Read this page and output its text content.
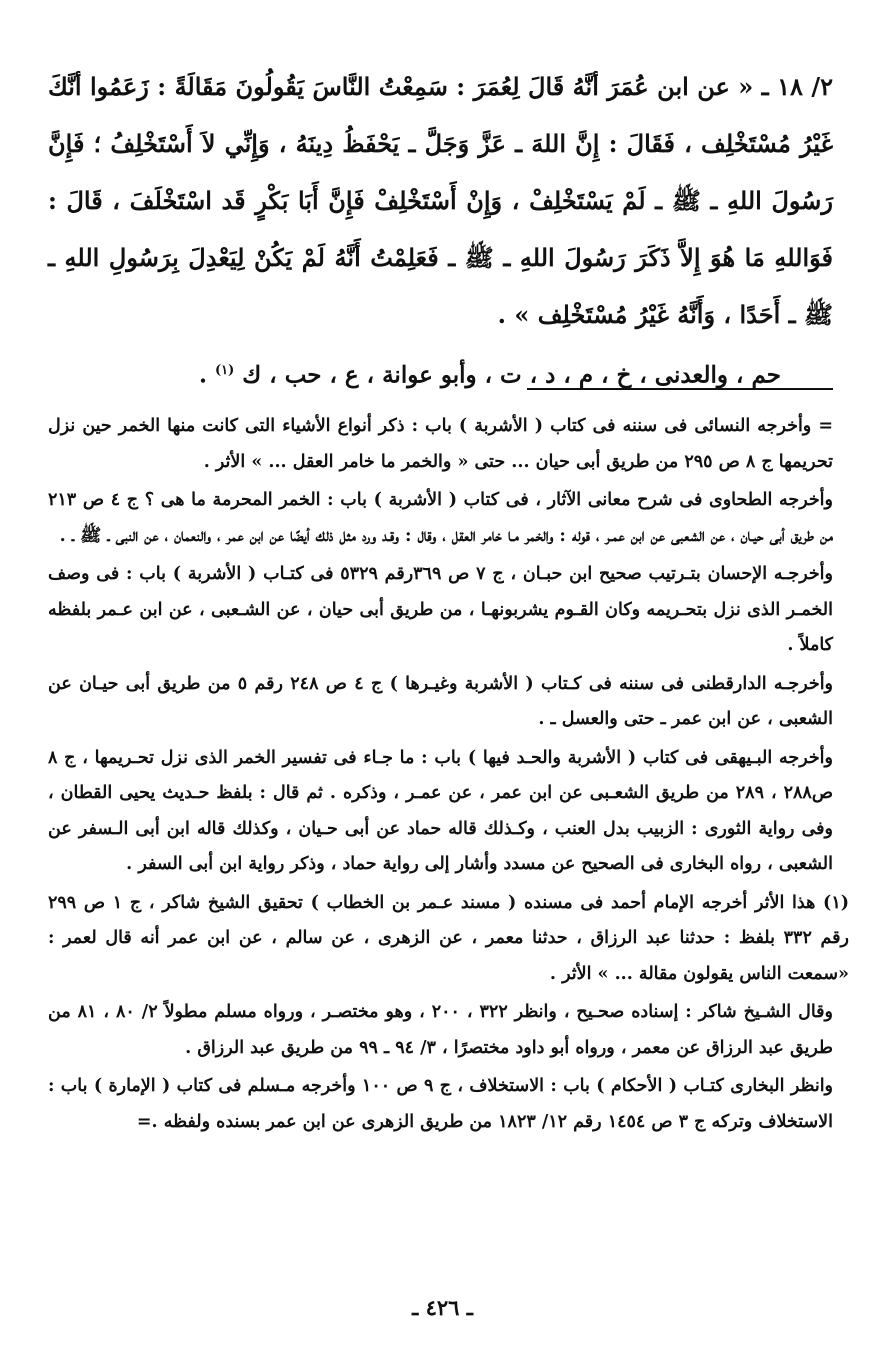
٢/ ١٨ ـ « عن ابن عُمَرَ أنَّهُ قَالَ لِعُمَرَ : سَمِعْتُ النَّاسَ يَقُولُونَ مَقَالَةً : زَعَمُوا أنَّكَ غَيْرُ مُسْتَخْلِف ، فَقَالَ : إِنَّ اللهَ ـ عَزَّ وَجَلَّ ـ يَحْفَظُ دِينَهُ ، وَإِنِّي لاَ أَسْتَخْلِفُ ؛ فَإِنَّ رَسُولَ اللهِ ـ ﷺ ـ لَمْ يَسْتَخْلِفْ ، وَإِنْ أَسْتَخْلِفْ فَإِنَّ أَبَا بَكْرٍ قَد اسْتَخْلَفَ ، قَالَ : فَوَاللهِ مَا هُوَ إِلاَّ ذَكَرَ رَسُولَ اللهِ ـ ﷺ ـ فَعَلِمْتُ أَنَّهُ لَمْ يَكُنْ لِيَعْدِلَ بِرَسُولِ اللهِ ـ ﷺ ـ أَحَدًا ، وَأَنَّهُ غَيْرُ مُسْتَخْلِف » .

حم ، والعدنى ، خ ، م ، د ، ت ، وأبو عوانة ، ع ، حب ، ك $^{(١)}$ .

= وأخرجه النسائى فى سننه فى كتاب ( الأشربة ) باب : ذكر أنواع الأشياء التى كانت منها الخمر حين نزل تحريمها ج ٨ ص ٢٩٥ من طريق أبى حيان ... حتى « والخمر ما خامر العقل ... » الأثر .

وأخرجه الطحاوى فى شرح معانى الآثار ، فى كتاب ( الأشربة ) باب : الخمر المحرمة ما هى ؟ ج ٤ ص ٢١٣ من طريق أبى حيـان ، عن الشعبى عن ابن عمـر ، قوله : والخمر مـا خامر العقل ، وقال : وقـد ورد مثل ذلك أيضًا عن ابن عمر ، والنعمان ، عن النبى ـ ﷺ ـ .

وأخرجـه الإحسان بتـرتيب صحيح ابن حبـان ، ج ٧ ص ٣٦٩رقم ٥٣٢٩ فى كتـاب ( الأشربة ) باب : فى وصف الخمـر الذى نزل بتحـريمه وكان القـوم يشربونهـا ، من طريق أبى حيان ، عن الشـعبى ، عن ابن عـمر بلفظه كاملاً .

وأخرجـه الدارقطنى فى سننه فى كـتاب ( الأشربة وغيـرها ) ج ٤ ص ٢٤٨ رقم ٥ من طريق أبى حيـان عن الشعبى ، عن ابن عمر ـ حتى والعسل ـ .

وأخرجه البـيهقى فى كتاب ( الأشربة والحـد فيها ) باب : ما جـاء فى تفسير الخمر الذى نزل تحـريمها ، ج ٨ ص٢٨٨ ، ٢٨٩ من طريق الشعـبى عن ابن عمر ، عن عمـر ، وذكره . ثم قال : بلفظ حـديث يحيى القطان ، وفى رواية الثورى : الزبيب بدل العنب ، وكـذلك قاله حماد عن أبى حـيان ، وكذلك قاله ابن أبى الـسفر عن الشعبى ، رواه البخارى فى الصحيح عن مسدد وأشار إلى رواية حماد ، وذكر رواية ابن أبى السفر .

(١) هذا الأثر أخرجه الإمام أحمد فى مسنده ( مسند عـمر بن الخطاب ) تحقيق الشيخ شاكر ، ج ١ ص ٢٩٩ رقم ٣٣٢ بلفظ : حدثنا عبد الرزاق ، حدثنا معمر ، عن الزهرى ، عن سالم ، عن ابن عمر أنه قال لعمر : «سمعت الناس يقولون مقالة ... » الأثر .

وقال الشـيخ شاكر : إسناده صحـيح ، وانظر ٣٢٢ ، ٢٠٠ ، وهو مختصـر ، ورواه مسلم مطولاً ٢/ ٨٠ ، ٨١ من طريق عبد الرزاق عن معمر ، ورواه أبو داود مختصرًا ، ٣/ ٩٤ ـ ٩٩ من طريق عبد الرزاق .

وانظر البخارى كتـاب ( الأحكام ) باب : الاستخلاف ، ج ٩ ص ١٠٠ وأخرجه مـسلم فى كتاب ( الإمارة ) باب : الاستخلاف وتركه ج ٣ ص ١٤٥٤ رقم ١٢/ ١٨٢٣ من طريق الزهرى عن ابن عمر بسنده ولفظه .=

ـ ٤٢٦ ـ
